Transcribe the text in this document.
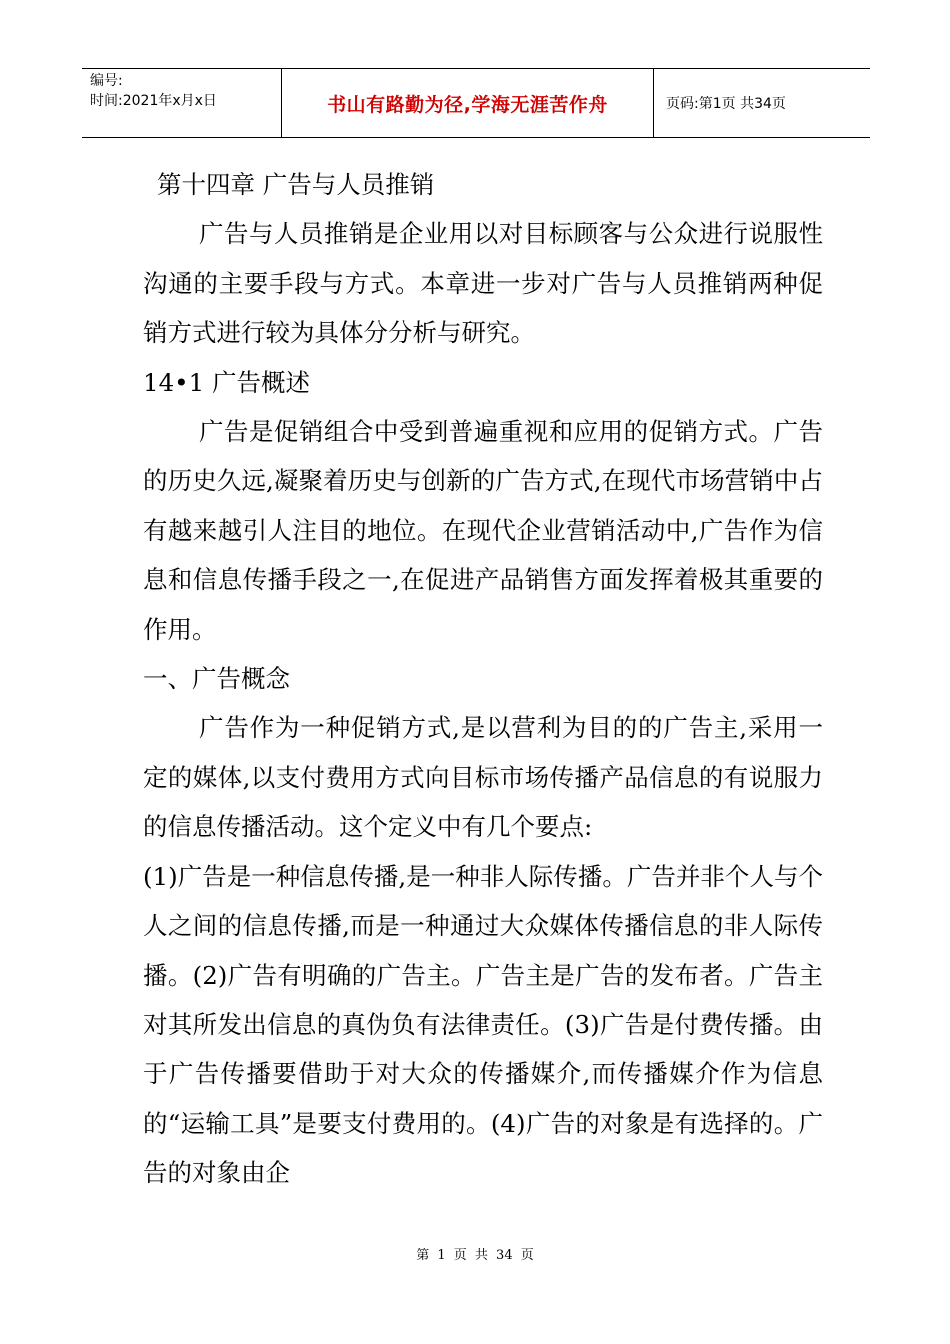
编号:
时间:2021年x月x日	书山有路勤为径,学海无涯苦作舟	页码:第1页 共34页

第十四章 广告与人员推销

广告与人员推销是企业用以对目标顾客与公众进行说服性沟通的主要手段与方式。本章进一步对广告与人员推销两种促销方式进行较为具体分分析与研究。

14•1 广告概述

广告是促销组合中受到普遍重视和应用的促销方式。广告的历史久远,凝聚着历史与创新的广告方式,在现代市场营销中占有越来越引人注目的地位。在现代企业营销活动中,广告作为信息和信息传播手段之一,在促进产品销售方面发挥着极其重要的作用。

一、广告概念

广告作为一种促销方式,是以营利为目的的广告主,采用一定的媒体,以支付费用方式向目标市场传播产品信息的有说服力的信息传播活动。这个定义中有几个要点:

(1)广告是一种信息传播,是一种非人际传播。广告并非个人与个人之间的信息传播,而是一种通过大众媒体传播信息的非人际传播。(2)广告有明确的广告主。广告主是广告的发布者。广告主对其所发出信息的真伪负有法律责任。(3)广告是付费传播。由于广告传播要借助于对大众的传播媒介,而传播媒介作为信息的“运输工具”是要支付费用的。(4)广告的对象是有选择的。广告的对象由企

第 1 页 共 34 页
